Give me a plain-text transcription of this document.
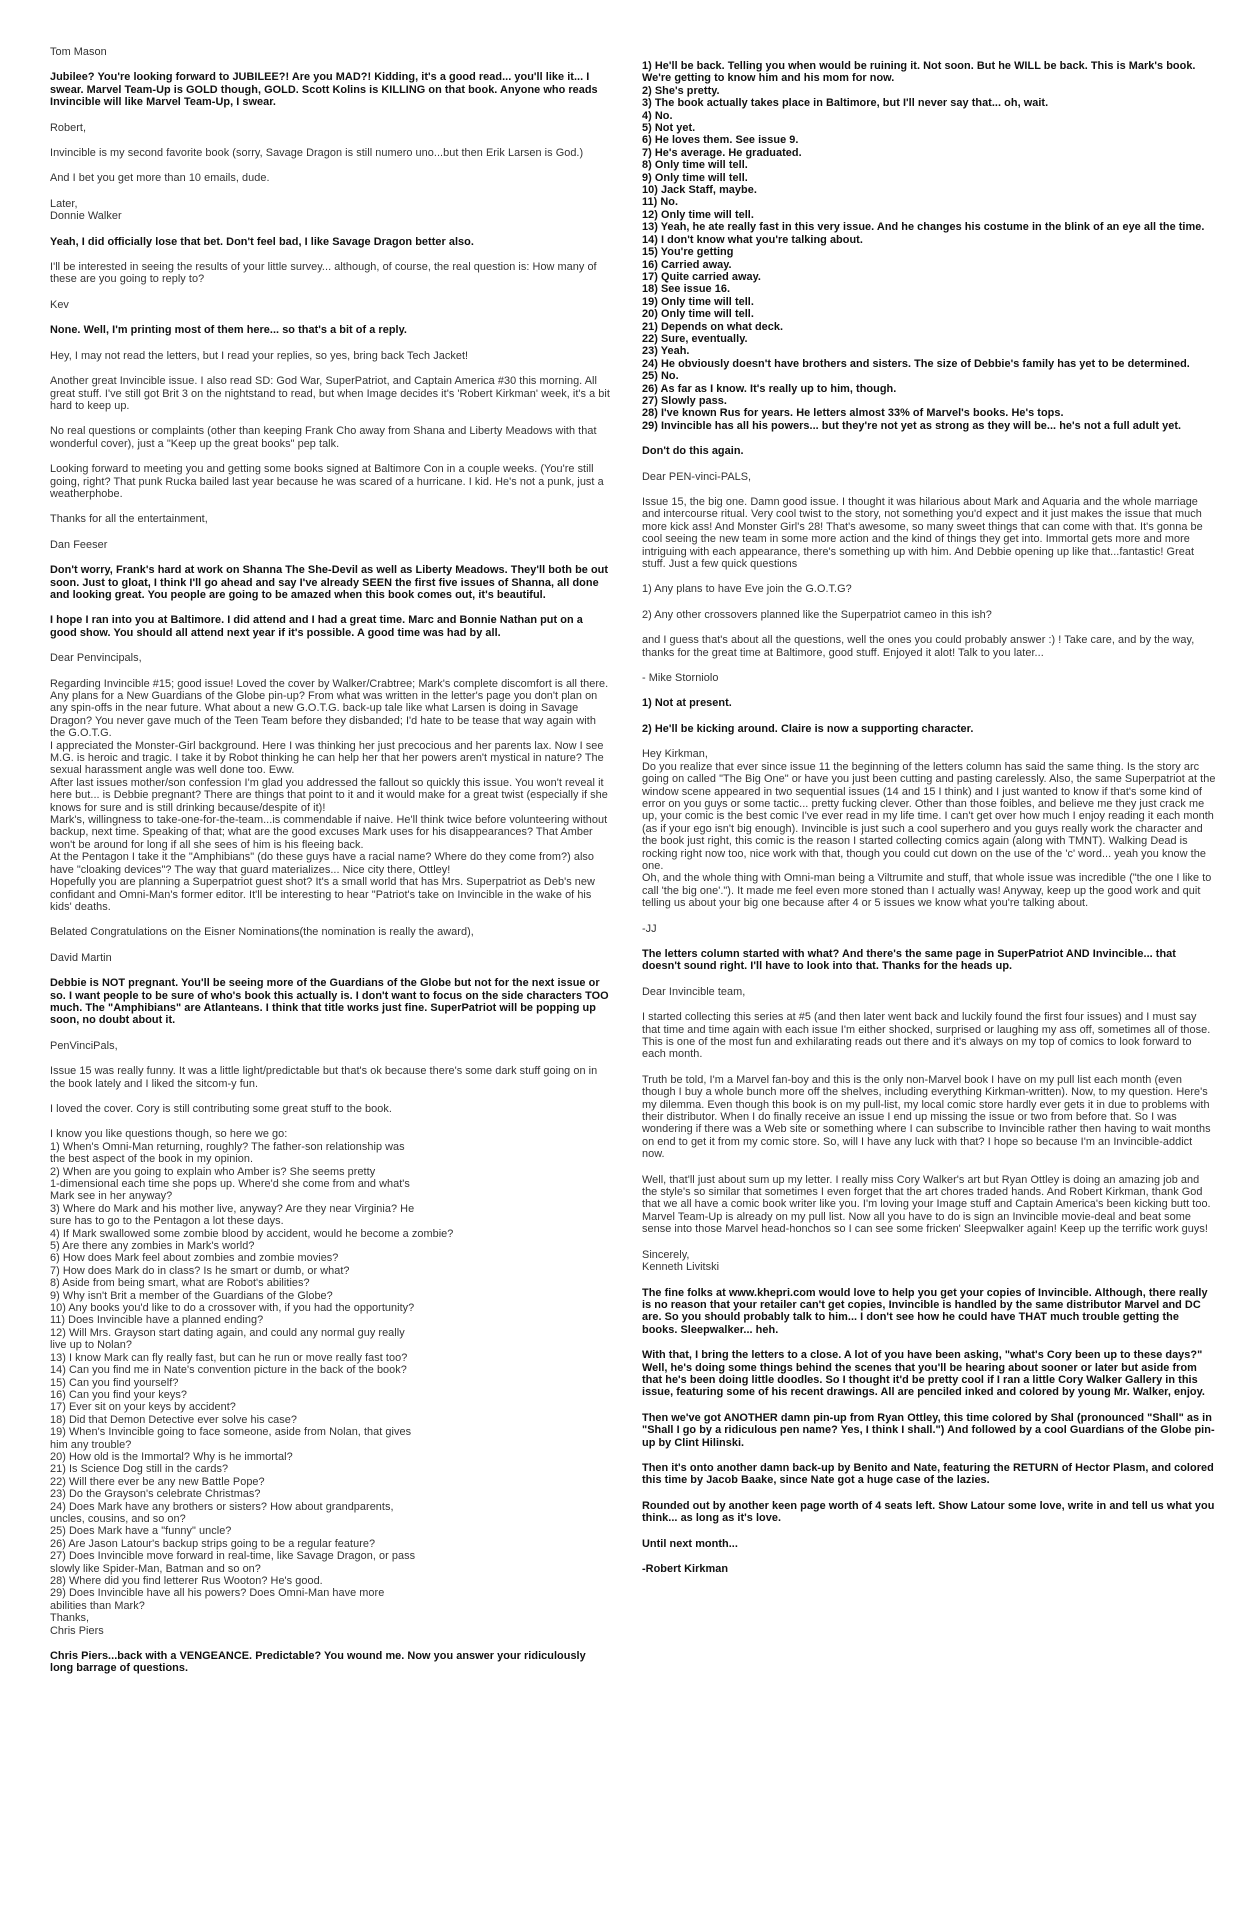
Tom Mason
Jubilee? You're looking forward to JUBILEE?! Are you MAD?! Kidding, it's a good read... you'll like it... I swear. Marvel Team-Up is GOLD though, GOLD. Scott Kolins is KILLING on that book. Anyone who reads Invincible will like Marvel Team-Up, I swear.
Robert,
Invincible is my second favorite book (sorry, Savage Dragon is still numero uno...but then Erik Larsen is God.)
And I bet you get more than 10 emails, dude.
Later,
Donnie Walker
Yeah, I did officially lose that bet. Don't feel bad, I like Savage Dragon better also.
I'll be interested in seeing the results of your little survey... although, of course, the real question is: How many of these are you going to reply to?
Kev
None. Well, I'm printing most of them here... so that's a bit of a reply.
Hey, I may not read the letters, but I read your replies, so yes, bring back Tech Jacket!
Another great Invincible issue. I also read SD: God War, SuperPatriot, and Captain America #30 this morning. All great stuff. I've still got Brit 3 on the nightstand to read, but when Image decides it's 'Robert Kirkman' week, it's a bit hard to keep up.
No real questions or complaints (other than keeping Frank Cho away from Shana and Liberty Meadows with that wonderful cover), just a "Keep up the great books" pep talk.
Looking forward to meeting you and getting some books signed at Baltimore Con in a couple weeks. (You're still going, right? That punk Rucka bailed last year because he was scared of a hurricane. I kid. He's not a punk, just a weatherphobe.
Thanks for all the entertainment,
Dan Feeser
Don't worry, Frank's hard at work on Shanna The She-Devil as well as Liberty Meadows. They'll both be out soon. Just to gloat, I think I'll go ahead and say I've already SEEN the first five issues of Shanna, all done and looking great. You people are going to be amazed when this book comes out, it's beautiful.
I hope I ran into you at Baltimore. I did attend and I had a great time. Marc and Bonnie Nathan put on a good show. You should all attend next year if it's possible. A good time was had by all.
Dear Penvincipals,
Regarding Invincible #15; good issue! Loved the cover by Walker/Crabtree; Mark's complete discomfort is all there. Any plans for a New Guardians of the Globe pin-up? From what was written in the letter's page you don't plan on any spin-offs in the near future. What about a new G.O.T.G. back-up tale like what Larsen is doing in Savage Dragon? You never gave much of the Teen Team before they disbanded; I'd hate to be tease that way again with the G.O.T.G.
I appreciated the Monster-Girl background. Here I was thinking her just precocious and her parents lax. Now I see M.G. is heroic and tragic. I take it by Robot thinking he can help her that her powers aren't mystical in nature? The sexual harassment angle was well done too. Eww.
After last issues mother/son confession I'm glad you addressed the fallout so quickly this issue. You won't reveal it here but... is Debbie pregnant? There are things that point to it and it would make for a great twist (especially if she knows for sure and is still drinking because/despite of it)!
Mark's, willingness to take-one-for-the-team...is commendable if naive. He'll think twice before volunteering without backup, next time. Speaking of that; what are the good excuses Mark uses for his disappearances? That Amber won't be around for long if all she sees of him is his fleeing back.
At the Pentagon I take it the "Amphibians" (do these guys have a racial name? Where do they come from?) also have "cloaking devices"? The way that guard materializes... Nice city there, Ottley!
Hopefully you are planning a Superpatriot guest shot? It's a small world that has Mrs. Superpatriot as Deb's new confidant and Omni-Man's former editor. It'll be interesting to hear "Patriot's take on Invincible in the wake of his kids' deaths.
Belated Congratulations on the Eisner Nominations(the nomination is really the award),
David Martin
Debbie is NOT pregnant. You'll be seeing more of the Guardians of the Globe but not for the next issue or so. I want people to be sure of who's book this actually is. I don't want to focus on the side characters TOO much. The "Amphibians" are Atlanteans. I think that title works just fine. SuperPatriot will be popping up soon, no doubt about it.
PenVinciPals,
Issue 15 was really funny. It was a little light/predictable but that's ok because there's some dark stuff going on in the book lately and I liked the sitcom-y fun.
I loved the cover. Cory is still contributing some great stuff to the book.
I know you like questions though, so here we go:
1) When's Omni-Man returning, roughly? The father-son relationship was
the best aspect of the book in my opinion.
2) When are you going to explain who Amber is? She seems pretty
1-dimensional each time she pops up. Where'd she come from and what's
Mark see in her anyway?
3) Where do Mark and his mother live, anyway? Are they near Virginia? He
sure has to go to the Pentagon a lot these days.
4) If Mark swallowed some zombie blood by accident, would he become a zombie?
5) Are there any zombies in Mark's world?
6) How does Mark feel about zombies and zombie movies?
7) How does Mark do in class? Is he smart or dumb, or what?
8) Aside from being smart, what are Robot's abilities?
9) Why isn't Brit a member of the Guardians of the Globe?
10) Any books you'd like to do a crossover with, if you had the opportunity?
11) Does Invincible have a planned ending?
12) Will Mrs. Grayson start dating again, and could any normal guy really
live up to Nolan?
13) I know Mark can fly really fast, but can he run or move really fast too?
14) Can you find me in Nate's convention picture in the back of the book?
15) Can you find yourself?
16) Can you find your keys?
17) Ever sit on your keys by accident?
18) Did that Demon Detective ever solve his case?
19) When's Invincible going to face someone, aside from Nolan, that gives
him any trouble?
20) How old is the Immortal? Why is he immortal?
21) Is Science Dog still in the cards?
22) Will there ever be any new Battle Pope?
23) Do the Grayson's celebrate Christmas?
24) Does Mark have any brothers or sisters? How about grandparents,
uncles, cousins, and so on?
25) Does Mark have a "funny" uncle?
26) Are Jason Latour's backup strips going to be a regular feature?
27) Does Invincible move forward in real-time, like Savage Dragon, or pass
slowly like Spider-Man, Batman and so on?
28) Where did you find letterer Rus Wooton? He's good.
29) Does Invincible have all his powers? Does Omni-Man have more
abilities than Mark?
Thanks,
Chris Piers
Chris Piers...back with a VENGEANCE. Predictable? You wound me. Now you answer your ridiculously long barrage of questions.
1) He'll be back. Telling you when would be ruining it. Not soon. But he WILL be back. This is Mark's book. We're getting to know him and his mom for now.
2) She's pretty.
3) The book actually takes place in Baltimore, but I'll never say that... oh, wait.
4) No.
5) Not yet.
6) He loves them. See issue 9.
7) He's average. He graduated.
8) Only time will tell.
9) Only time will tell.
10) Jack Staff, maybe.
11) No.
12) Only time will tell.
13) Yeah, he ate really fast in this very issue. And he changes his costume in the blink of an eye all the time.
14) I don't know what you're talking about.
15) You're getting
16) Carried away.
17) Quite carried away.
18) See issue 16.
19) Only time will tell.
20) Only time will tell.
21) Depends on what deck.
22) Sure, eventually.
23) Yeah.
24) He obviously doesn't have brothers and sisters. The size of Debbie's family has yet to be determined.
25) No.
26) As far as I know. It's really up to him, though.
27) Slowly pass.
28) I've known Rus for years. He letters almost 33% of Marvel's books. He's tops.
29) Invincible has all his powers... but they're not yet as strong as they will be... he's not a full adult yet.
Don't do this again.
Dear PEN-vinci-PALS,
Issue 15, the big one. Damn good issue. I thought it was hilarious about Mark and Aquaria and the whole marriage and intercourse ritual. Very cool twist to the story, not something you'd expect and it just makes the issue that much more kick ass! And Monster Girl's 28! That's awesome, so many sweet things that can come with that. It's gonna be cool seeing the new team in some more action and the kind of things they get into. Immortal gets more and more intriguing with each appearance, there's something up with him. And Debbie opening up like that...fantastic! Great stuff. Just a few quick questions
1) Any plans to have Eve join the G.O.T.G?
2) Any other crossovers planned like the Superpatriot cameo in this ish?
and I guess that's about all the questions, well the ones you could probably answer :) ! Take care, and by the way, thanks for the great time at Baltimore, good stuff. Enjoyed it alot! Talk to you later...
- Mike Storniolo
1) Not at present.
2) He'll be kicking around. Claire is now a supporting character.
Hey Kirkman,
Do you realize that ever since issue 11 the beginning of the letters column has said the same thing. Is the story arc going on called "The Big One" or have you just been cutting and pasting carelessly. Also, the same Superpatriot at the window scene appeared in two sequential issues (14 and 15 I think) and I just wanted to know if that's some kind of error on you guys or some tactic... pretty fucking clever. Other than those foibles, and believe me they just crack me up, your comic is the best comic I've ever read in my life time. I can't get over how much I enjoy reading it each month (as if your ego isn't big enough). Invincible is just such a cool superhero and you guys really work the character and the book just right, this comic is the reason I started collecting comics again (along with TMNT). Walking Dead is rocking right now too, nice work with that, though you could cut down on the use of the 'c' word... yeah you know the one.
Oh, and the whole thing with Omni-man being a Viltrumite and stuff, that whole issue was incredible ("the one I like to call 'the big one'."). It made me feel even more stoned than I actually was! Anyway, keep up the good work and quit telling us about your big one because after 4 or 5 issues we know what you're talking about.
-JJ
The letters column started with what? And there's the same page in SuperPatriot AND Invincible... that doesn't sound right. I'll have to look into that. Thanks for the heads up.
Dear Invincible team,
I started collecting this series at #5 (and then later went back and luckily found the first four issues) and I must say that time and time again with each issue I'm either shocked, surprised or laughing my ass off, sometimes all of those. This is one of the most fun and exhilarating reads out there and it's always on my top of comics to look forward to each month.
Truth be told, I'm a Marvel fan-boy and this is the only non-Marvel book I have on my pull list each month (even though I buy a whole bunch more off the shelves, including everything Kirkman-written). Now, to my question. Here's my dilemma. Even though this book is on my pull-list, my local comic store hardly ever gets it in due to problems with their distributor. When I do finally receive an issue I end up missing the issue or two from before that. So I was wondering if there was a Web site or something where I can subscribe to Invincible rather then having to wait months on end to get it from my comic store. So, will I have any luck with that? I hope so because I'm an Invincible-addict now.
Well, that'll just about sum up my letter. I really miss Cory Walker's art but Ryan Ottley is doing an amazing job and the style's so similar that sometimes I even forget that the art chores traded hands. And Robert Kirkman, thank God that we all have a comic book writer like you. I'm loving your Image stuff and Captain America's been kicking butt too. Marvel Team-Up is already on my pull list. Now all you have to do is sign an Invincible movie-deal and beat some sense into those Marvel head-honchos so I can see some fricken' Sleepwalker again! Keep up the terrific work guys!
Sincerely,
Kenneth Livitski
The fine folks at www.khepri.com would love to help you get your copies of Invincible. Although, there really is no reason that your retailer can't get copies, Invincible is handled by the same distributor Marvel and DC are. So you should probably talk to him... I don't see how he could have THAT much trouble getting the books. Sleepwalker... heh.
With that, I bring the letters to a close. A lot of you have been asking, "what's Cory been up to these days?" Well, he's doing some things behind the scenes that you'll be hearing about sooner or later but aside from that he's been doing little doodles. So I thought it'd be pretty cool if I ran a little Cory Walker Gallery in this issue, featuring some of his recent drawings. All are penciled inked and colored by young Mr. Walker, enjoy.
Then we've got ANOTHER damn pin-up from Ryan Ottley, this time colored by Shal (pronounced "Shall" as in "Shall I go by a ridiculous pen name? Yes, I think I shall.") And followed by a cool Guardians of the Globe pin-up by Clint Hilinski.
Then it's onto another damn back-up by Benito and Nate, featuring the RETURN of Hector Plasm, and colored this time by Jacob Baake, since Nate got a huge case of the lazies.
Rounded out by another keen page worth of 4 seats left. Show Latour some love, write in and tell us what you think... as long as it's love.
Until next month...
-Robert Kirkman
